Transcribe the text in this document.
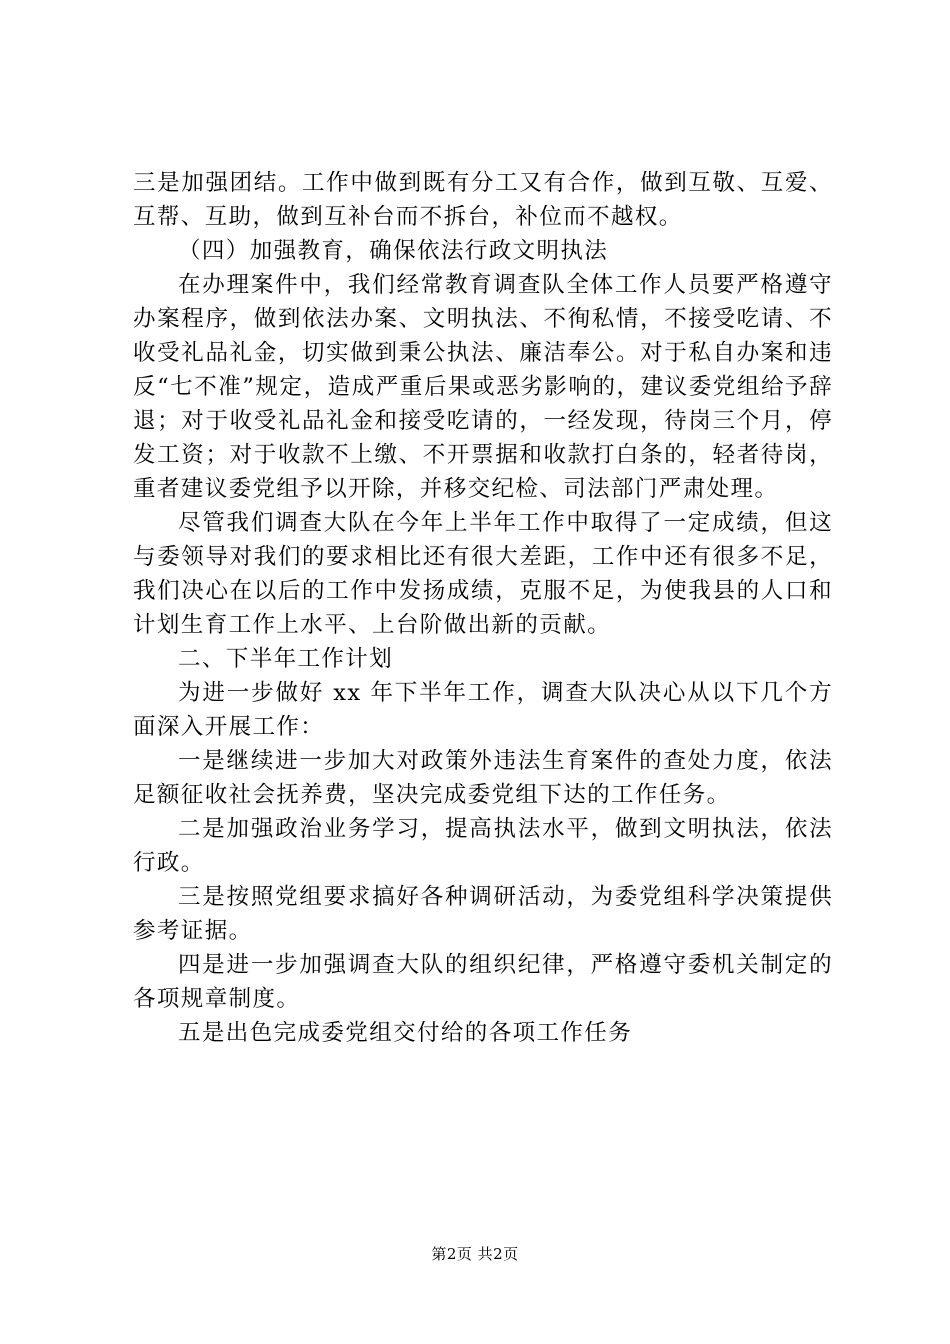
三是加强团结。工作中做到既有分工又有合作，做到互敬、互爱、互帮、互助，做到互补台而不拆台，补位而不越权。

（四）加强教育，确保依法行政文明执法

在办理案件中，我们经常教育调查队全体工作人员要严格遵守办案程序，做到依法办案、文明执法、不徇私情，不接受吃请、不收受礼品礼金，切实做到秉公执法、廉洁奉公。对于私自办案和违反“七不准”规定，造成严重后果或恶劣影响的，建议委党组给予辞退；对于收受礼品礼金和接受吃请的，一经发现，待岗三个月，停发工资；对于收款不上缴、不开票据和收款打白条的，轻者待岗，重者建议委党组予以开除，并移交纪检、司法部门严肃处理。

尽管我们调查大队在今年上半年工作中取得了一定成绩，但这与委领导对我们的要求相比还有很大差距，工作中还有很多不足，我们决心在以后的工作中发扬成绩，克服不足，为使我县的人口和计划生育工作上水平、上台阶做出新的贡献。

二、下半年工作计划

为进一步做好 xx 年下半年工作，调查大队决心从以下几个方面深入开展工作：

一是继续进一步加大对政策外违法生育案件的查处力度，依法足额征收社会抚养费，坚决完成委党组下达的工作任务。

二是加强政治业务学习，提高执法水平，做到文明执法，依法行政。

三是按照党组要求搞好各种调研活动，为委党组科学决策提供参考证据。

四是进一步加强调查大队的组织纪律，严格遵守委机关制定的各项规章制度。

五是出色完成委党组交付给的各项工作任务

第2页 共2页
